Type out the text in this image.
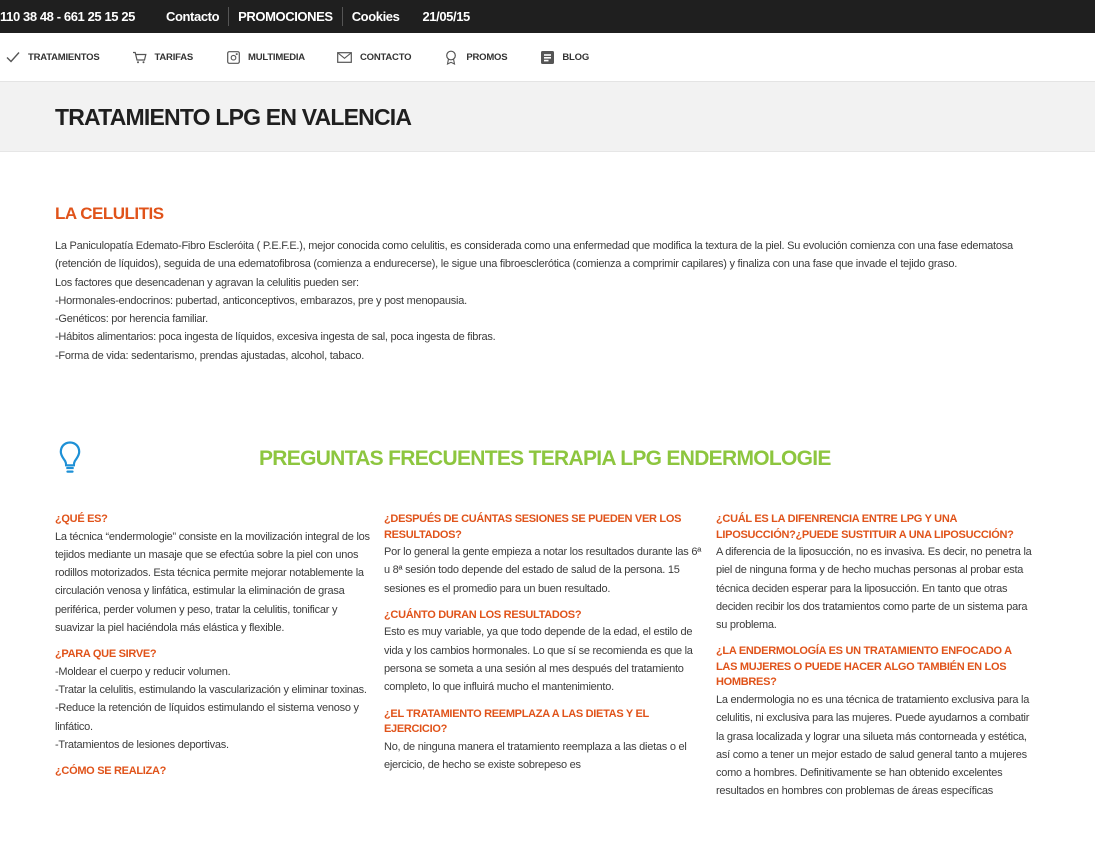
110 38 48 - 661 25 15 25	Contacto	PROMOCIONES	Cookies	21/05/15
TRATAMIENTOS	TARIFAS	MULTIMEDIA	CONTACTO	PROMOS	BLOG
TRATAMIENTO LPG EN VALENCIA
LA CELULITIS

La Paniculopatía Edemato-Fibro Escleróita ( P.E.F.E.), mejor conocida como celulitis, es considerada como una enfermedad que modifica la textura de la piel. Su evolución comienza con una fase edematosa (retención de líquidos), seguida de una edematofibrosa (comienza a endurecerse), le sigue una fibroesclerótica (comienza a comprimir capilares) y finaliza con una fase que invade el tejido graso.

Los factores que desencadenan y agravan la celulitis pueden ser:

-Hormonales-endocrinos: pubertad, anticonceptivos, embarazos, pre y post menopausia.

-Genéticos: por herencia familiar.

-Hábitos alimentarios: poca ingesta de líquidos, excesiva ingesta de sal, poca ingesta de fibras.

-Forma de vida: sedentarismo, prendas ajustadas, alcohol, tabaco.

PREGUNTAS FRECUENTES TERAPIA LPG ENDERMOLOGIE
¿QUÉ ES?
La técnica “endermologie” consiste en la movilización integral de los tejidos mediante un masaje que se efectúa sobre la piel con unos rodillos motorizados. Esta técnica permite mejorar notablemente la circulación venosa y linfática, estimular la eliminación de grasa periférica, perder volumen y peso, tratar la celulitis, tonificar y suavizar la piel haciéndola más elástica y flexible.
¿PARA QUE SIRVE?
-Moldear el cuerpo y reducir volumen.
-Tratar la celulitis, estimulando la vascularización y eliminar toxinas.
-Reduce la retención de líquidos estimulando el sistema venoso y linfático.
-Tratamientos de lesiones deportivas.
¿CÓMO SE REALIZA?
¿DESPUÉS DE CUÁNTAS SESIONES SE PUEDEN VER LOS RESULTADOS?
Por lo general la gente empieza a notar los resultados durante las 6ª u 8ª sesión todo depende del estado de salud de la persona. 15 sesiones es el promedio para un buen resultado.
¿CUÁNTO DURAN LOS RESULTADOS?
Esto es muy variable, ya que todo depende de la edad, el estilo de vida y los cambios hormonales. Lo que sí se recomienda es que la persona se someta a una sesión al mes después del tratamiento completo, lo que influirá mucho el mantenimiento.
¿EL TRATAMIENTO REEMPLAZA A LAS DIETAS Y EL EJERCICIO?
No, de ninguna manera el tratamiento reemplaza a las dietas o el ejercicio, de hecho se existe sobrepeso es
¿CUÁL ES LA DIFENRENCIA ENTRE LPG Y UNA LIPOSUCCIÓN?¿PUEDE SUSTITUIR A UNA LIPOSUCCIÓN?
A diferencia de la liposucción, no es invasiva. Es decir, no penetra la piel de ninguna forma y de hecho muchas personas al probar esta técnica deciden esperar para la liposucción. En tanto que otras deciden recibir los dos tratamientos como parte de un sistema para su problema.
¿LA ENDERMOLOGÍA ES UN TRATAMIENTO ENFOCADO A LAS MUJERES O PUEDE HACER ALGO TAMBIÉN EN LOS HOMBRES?
La endermologia no es una técnica de tratamiento exclusiva para la celulitis, ni exclusiva para las mujeres. Puede ayudarnos a combatir la grasa localizada y lograr una silueta más contorneada y estética, así como a tener un mejor estado de salud general tanto a mujeres como a hombres. Definitivamente se han obtenido excelentes resultados en hombres con problemas de áreas específicas
